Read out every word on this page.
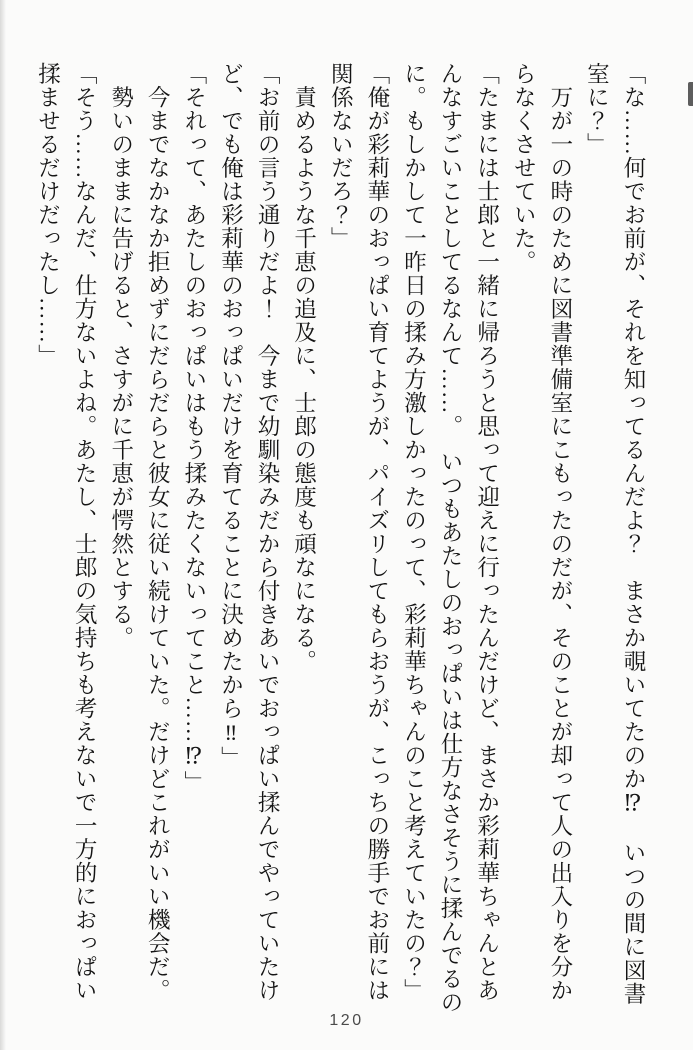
「な……何でお前が、それを知ってるんだよ？　まさか覗いてたのか⁉　いつの間に図書
室に？」
　万が一の時のために図書準備室にこもったのだが、そのことが却って人の出入りを分か
らなくさせていた。
「たまには士郎と一緒に帰ろうと思って迎えに行ったんだけど、まさか彩莉華ちゃんとあ
んなすごいことしてるなんて……。　いつもあたしのおっぱいは仕方なさそうに揉んでるの
に。もしかして一昨日の揉み方激しかったのって、彩莉華ちゃんのこと考えていたの？」
「俺が彩莉華のおっぱい育てようが、パイズリしてもらおうが、こっちの勝手でお前には
関係ないだろ？」
　責めるような千恵の追及に、士郎の態度も頑なになる。
「お前の言う通りだよ！　今まで幼馴染みだから付きあいでおっぱい揉んでやっていたけ
ど、でも俺は彩莉華のおっぱいだけを育てることに決めたから‼」
「それって、あたしのおっぱいはもう揉みたくないってこと……⁉」
　今までなかなか拒めずにだらだらと彼女に従い続けていた。だけどこれがいい機会だ。
　勢いのままに告げると、さすがに千恵が愕然とする。
「そう……なんだ、仕方ないよね。あたし、士郎の気持ちも考えないで一方的におっぱい
揉ませるだけだったし……」
120
